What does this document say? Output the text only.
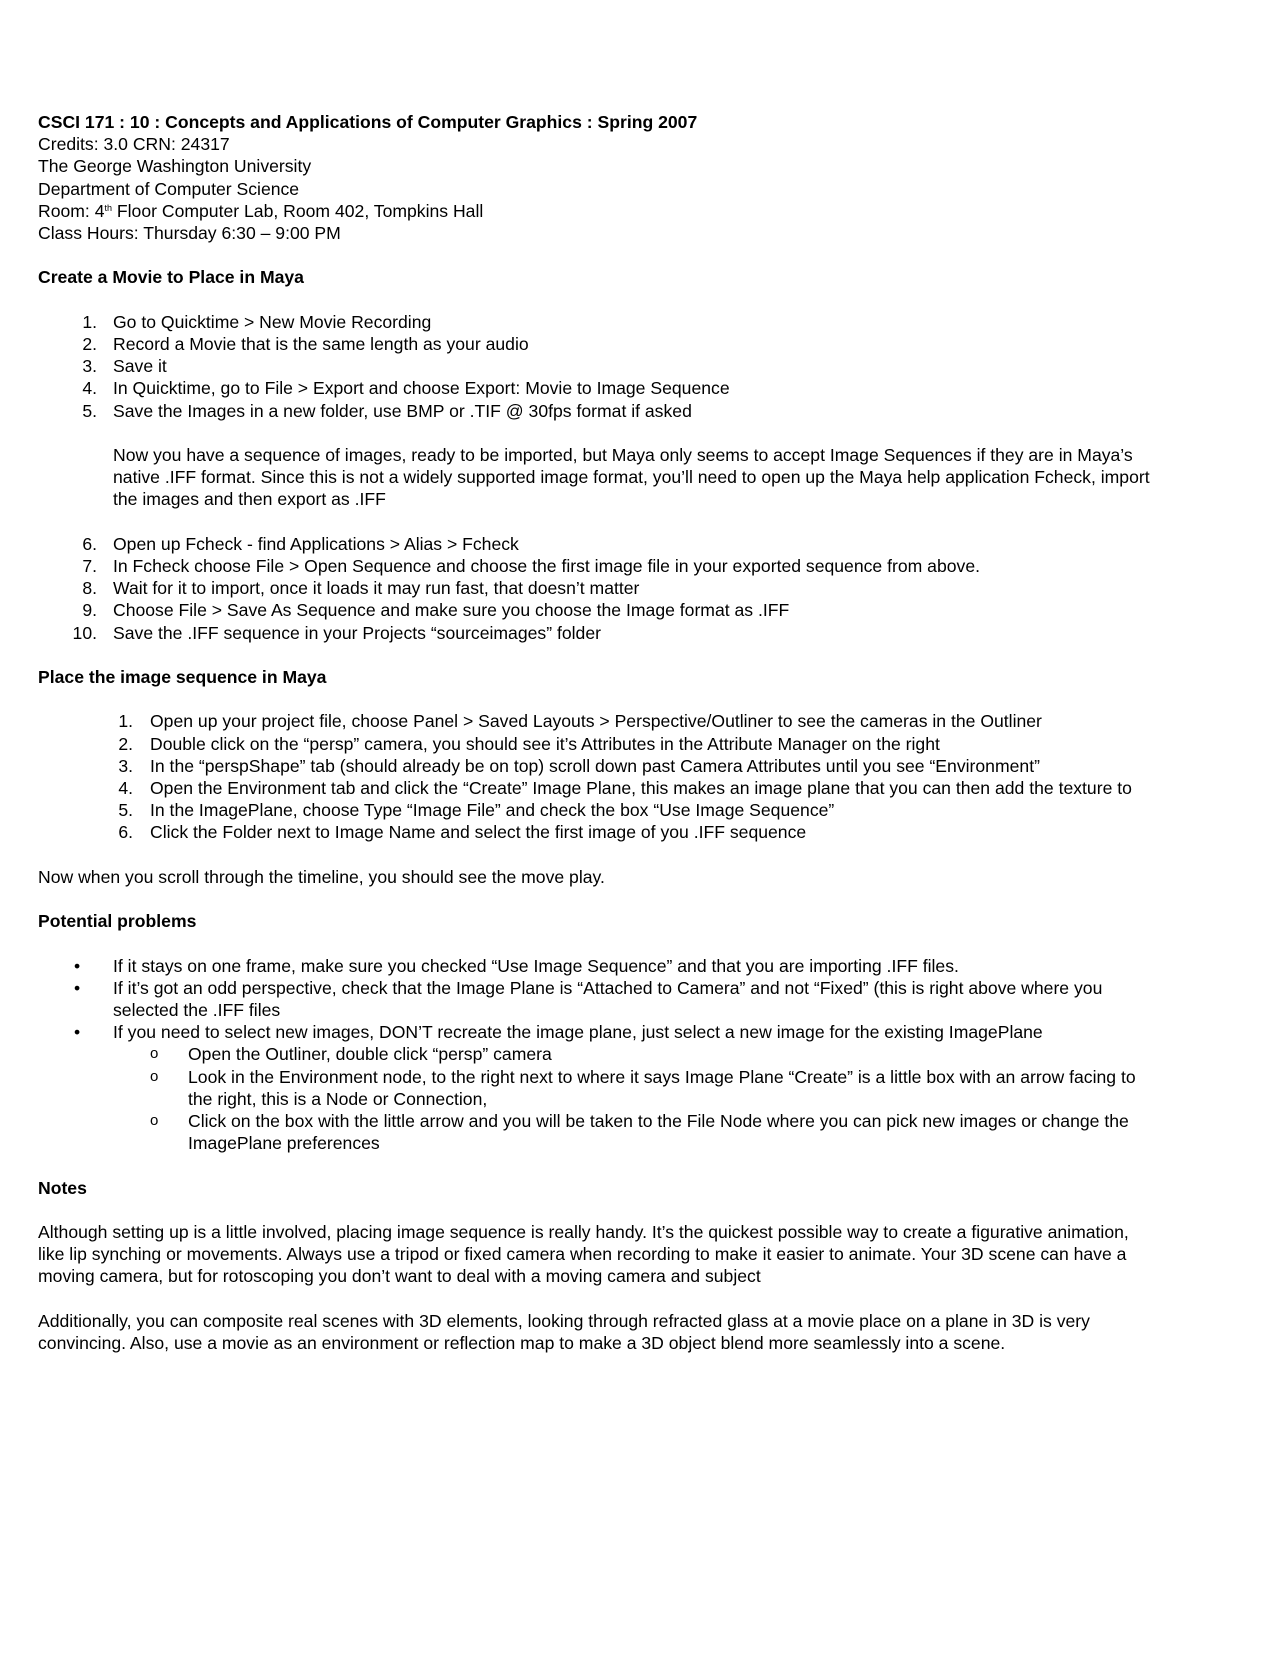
CSCI 171 : 10 : Concepts and Applications of Computer Graphics : Spring 2007
Credits: 3.0 CRN: 24317
The George Washington University
Department of Computer Science
Room: 4th Floor Computer Lab, Room 402, Tompkins Hall
Class Hours: Thursday 6:30 – 9:00 PM
Create a Movie to Place in Maya
1. Go to Quicktime > New Movie Recording
2. Record a Movie that is the same length as your audio
3. Save it
4. In Quicktime, go to File > Export and choose Export: Movie to Image Sequence
5. Save the Images in a new folder, use BMP or .TIF @ 30fps format if asked
Now you have a sequence of images, ready to be imported, but Maya only seems to accept Image Sequences if they are in Maya’s
native .IFF format. Since this is not a widely supported image format, you’ll need to open up the Maya help application Fcheck, import
the images and then export as .IFF
6. Open up Fcheck - find Applications > Alias > Fcheck
7. In Fcheck choose File > Open Sequence and choose the first image file in your exported sequence from above.
8. Wait for it to import, once it loads it may run fast, that doesn’t matter
9. Choose File > Save As Sequence and make sure you choose the Image format as .IFF
10. Save the .IFF sequence in your Projects “sourceimages” folder
Place the image sequence in Maya
1. Open up your project file, choose Panel > Saved Layouts > Perspective/Outliner to see the cameras in the Outliner
2. Double click on the “persp” camera, you should see it’s Attributes in the Attribute Manager on the right
3. In the “perspShape” tab (should already be on top) scroll down past Camera Attributes until you see “Environment”
4. Open the Environment tab and click the “Create” Image Plane, this makes an image plane that you can then add the texture to
5. In the ImagePlane, choose Type “Image File” and check the box “Use Image Sequence”
6. Click the Folder next to Image Name and select the first image of you .IFF sequence
Now when you scroll through the timeline, you should see the move play.
Potential problems
• If it stays on one frame, make sure you checked “Use Image Sequence” and that you are importing .IFF files.
• If it’s got an odd perspective, check that the Image Plane is “Attached to Camera” and not “Fixed” (this is right above where you
selected the .IFF files
• If you need to select new images, DON’T recreate the image plane, just select a new image for the existing ImagePlane
o Open the Outliner, double click “persp” camera
o Look in the Environment node, to the right next to where it says Image Plane “Create” is a little box with an arrow facing to
the right, this is a Node or Connection,
o Click on the box with the little arrow and you will be taken to the File Node where you can pick new images or change the
ImagePlane preferences
Notes
Although setting up is a little involved, placing image sequence is really handy. It’s the quickest possible way to create a figurative animation,
like lip synching or movements. Always use a tripod or fixed camera when recording to make it easier to animate. Your 3D scene can have a
moving camera, but for rotoscoping you don’t want to deal with a moving camera and subject
Additionally, you can composite real scenes with 3D elements, looking through refracted glass at a movie place on a plane in 3D is very
convincing. Also, use a movie as an environment or reflection map to make a 3D object blend more seamlessly into a scene.
